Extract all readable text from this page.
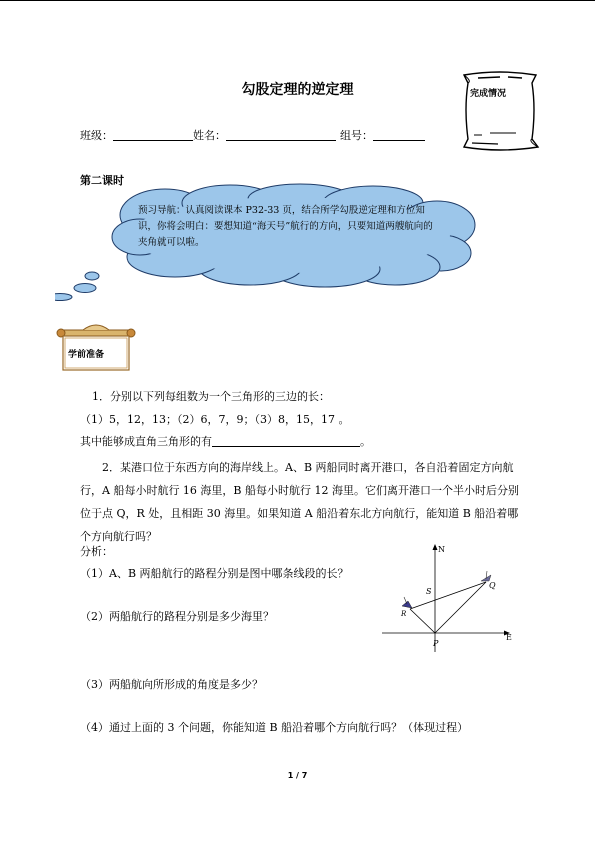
勾股定理的逆定理	完成情况
班级：	姓名：	组号：
第二课时
预习导航：认真阅读课本 P32-33 页，结合所学勾股逆定理和方位知识，你将会明白：要想知道“海天号”航行的方向，只要知道两艘航向的夹角就可以啦。
学前准备
1．分别以下列每组数为一个三角形的三边的长：
（1）5，12，13；（2）6，7，9；（3）8，15，17 。
其中能够成直角三角形的有	。
2．某港口位于东西方向的海岸线上。A、B 两船同时离开港口，各自沿着固定方向航行，A 船每小时航行 16 海里，B 船每小时航行 12 海里。它们离开港口一个半小时后分别位于点 Q，R 处，且相距 30 海里。如果知道 A 船沿着东北方向航行，能知道 B 船沿着哪个方向航行吗？
分析：
（1）A、B 两船航行的路程分别是图中哪条线段的长？
（2）两船航行的路程分别是多少海里？
（3）两船航向所形成的角度是多少？
（4）通过上面的 3 个问题，你能知道 B 船沿着哪个方向航行吗？（体现过程）
N
E
P
Q
R
S
1 / 7
